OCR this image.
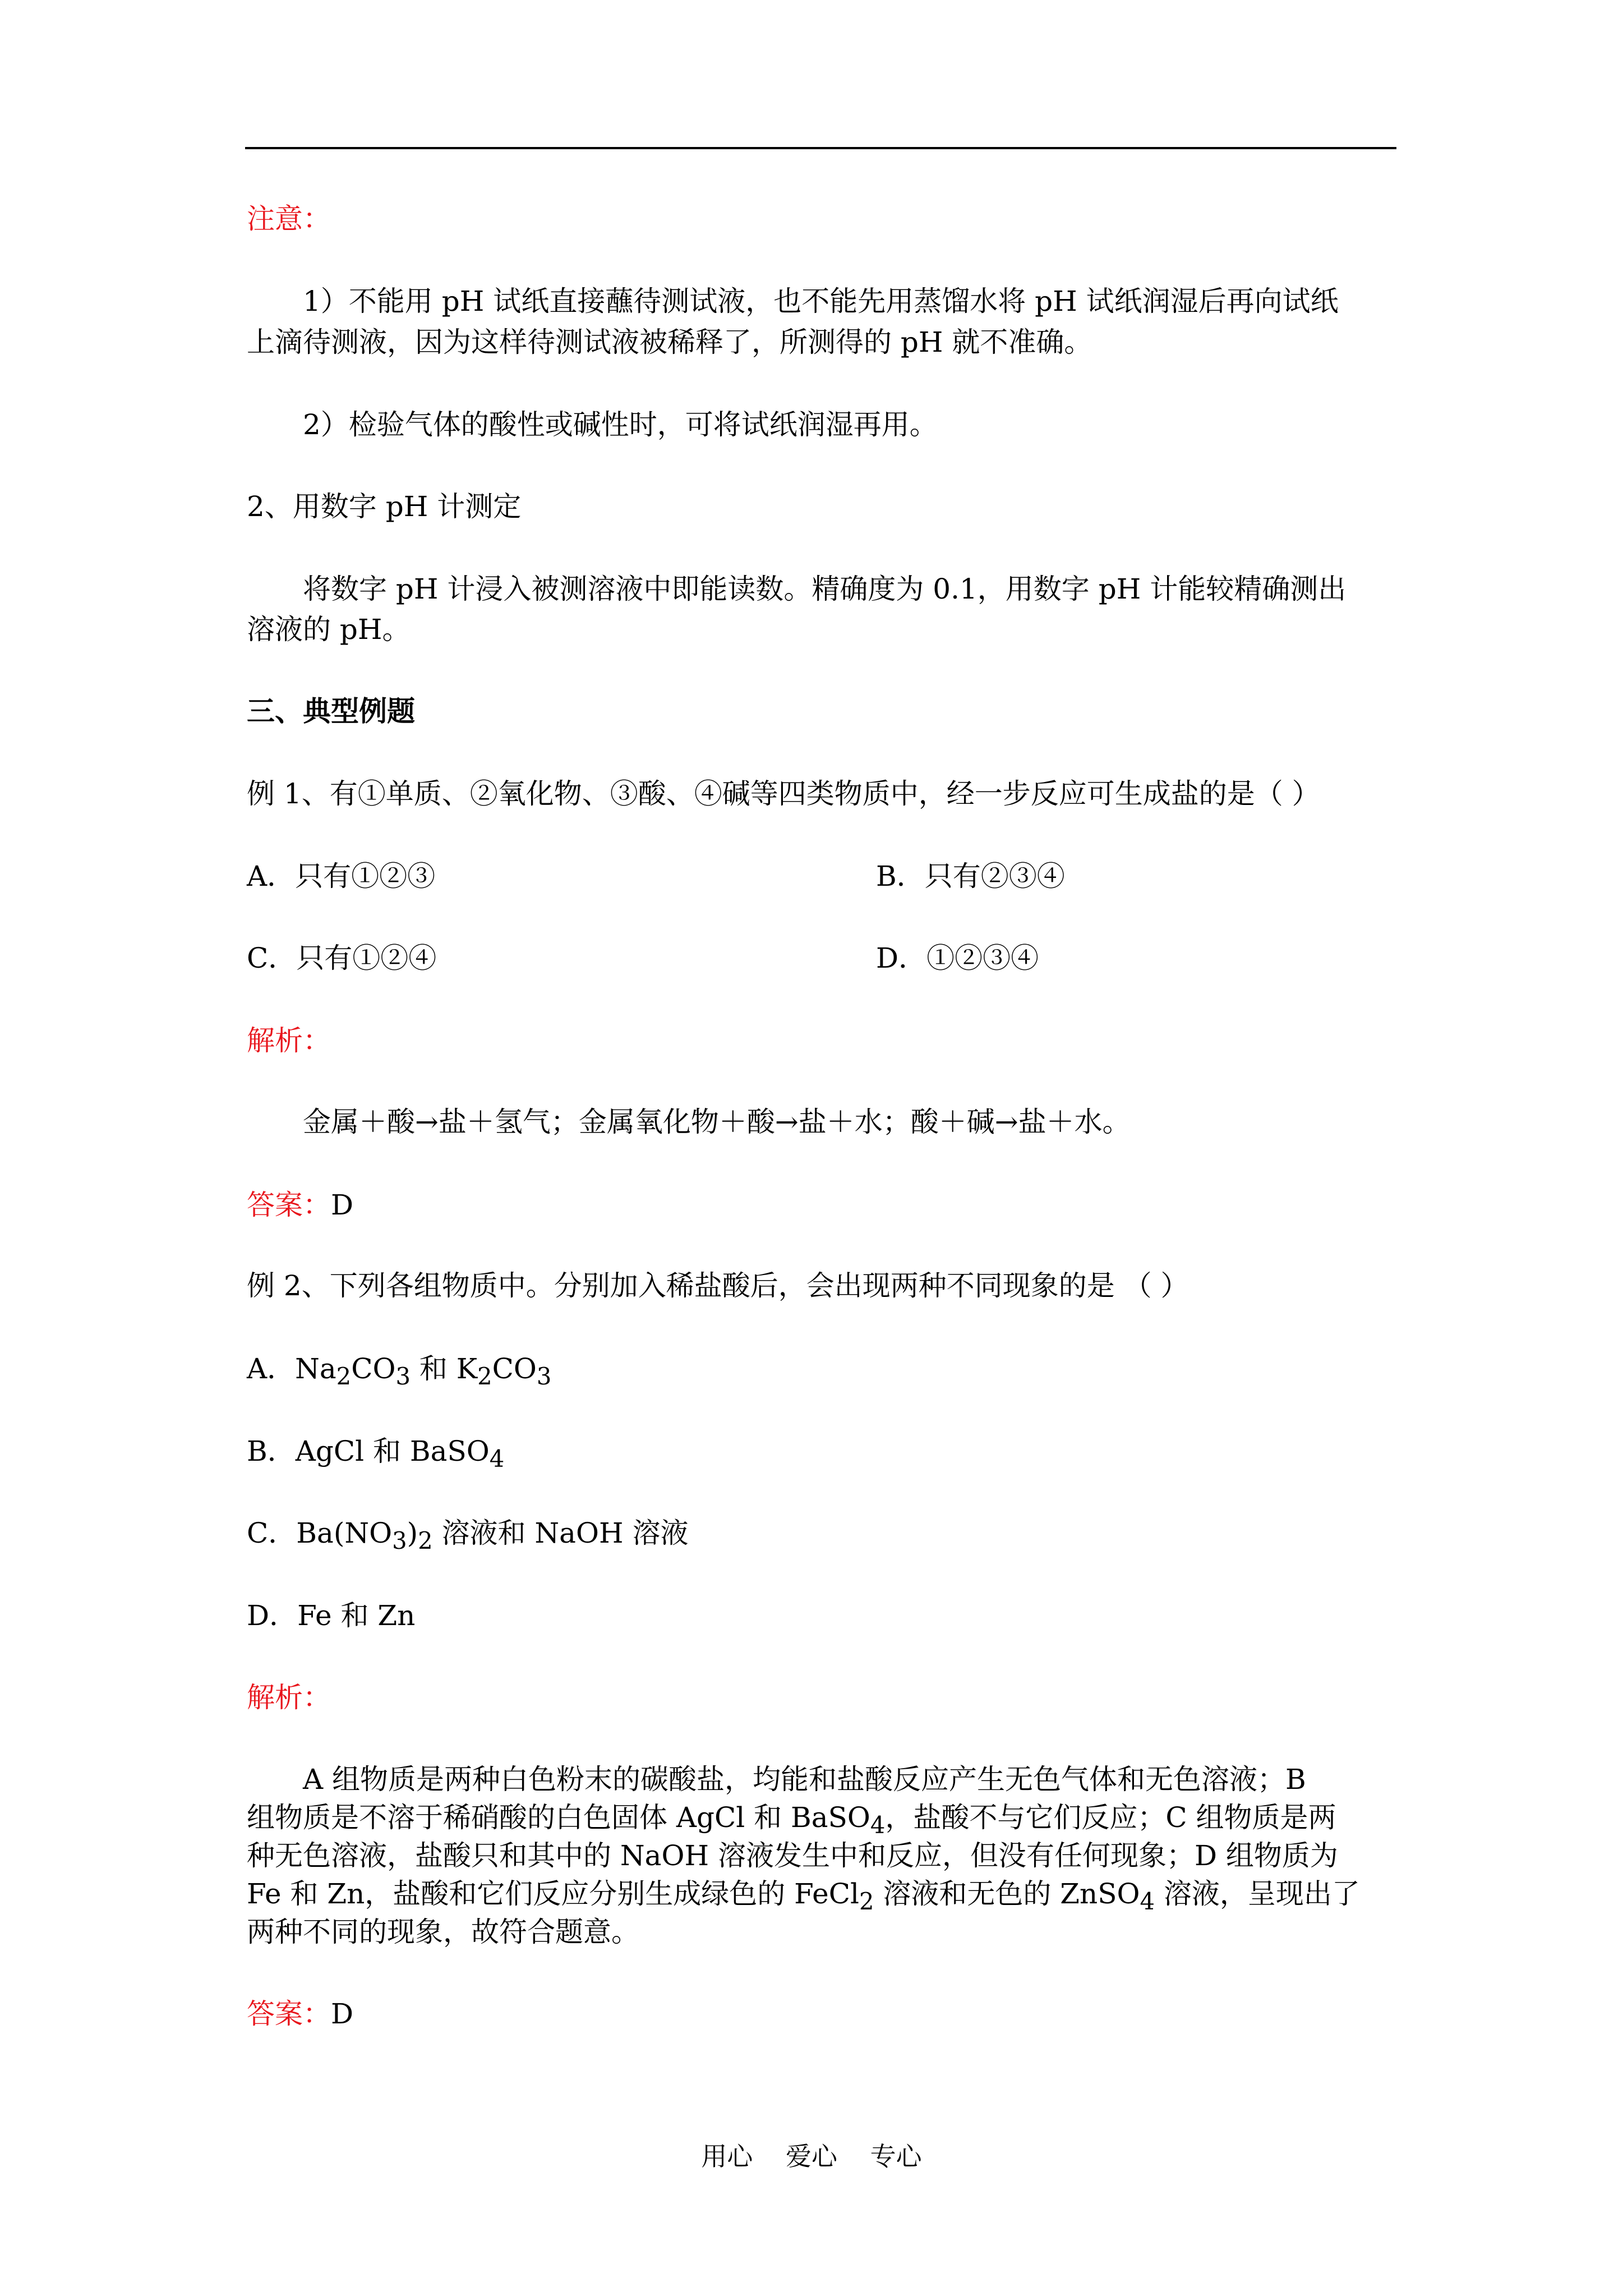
注意：
1）不能用 pH 试纸直接蘸待测试液，也不能先用蒸馏水将 pH 试纸润湿后再向试纸
上滴待测液，因为这样待测试液被稀释了，所测得的 pH 就不准确。
2）检验气体的酸性或碱性时，可将试纸润湿再用。
2、用数字 pH 计测定
将数字 pH 计浸入被测溶液中即能读数。精确度为 0.1，用数字 pH 计能较精确测出
溶液的 pH。
三、典型例题
例 1、有①单质、②氧化物、③酸、④碱等四类物质中，经一步反应可生成盐的是（ ）
A．只有①②③	B．只有②③④
C．只有①②④	D．①②③④
解析：
金属＋酸→盐＋氢气；金属氧化物＋酸→盐＋水；酸＋碱→盐＋水。
答案：D
例 2、下列各组物质中。分别加入稀盐酸后，会出现两种不同现象的是 （ ）
A．$Na_2CO_3$ 和 $K_2CO_3$
B．AgCl 和 BaSO$_4$
C．$Ba(NO_3)_2$ 溶液和 NaOH 溶液
D．Fe 和 Zn
解析：
A 组物质是两种白色粉末的碳酸盐，均能和盐酸反应产生无色气体和无色溶液；B
组物质是不溶于稀硝酸的白色固体 AgCl 和 BaSO$_4$，盐酸不与它们反应；C 组物质是两
种无色溶液，盐酸只和其中的 NaOH 溶液发生中和反应，但没有任何现象；D 组物质为
Fe 和 Zn，盐酸和它们反应分别生成绿色的 FeCl$_2$ 溶液和无色的 ZnSO$_4$ 溶液，呈现出了
两种不同的现象，故符合题意。
答案：D
用心 爱心 专心
